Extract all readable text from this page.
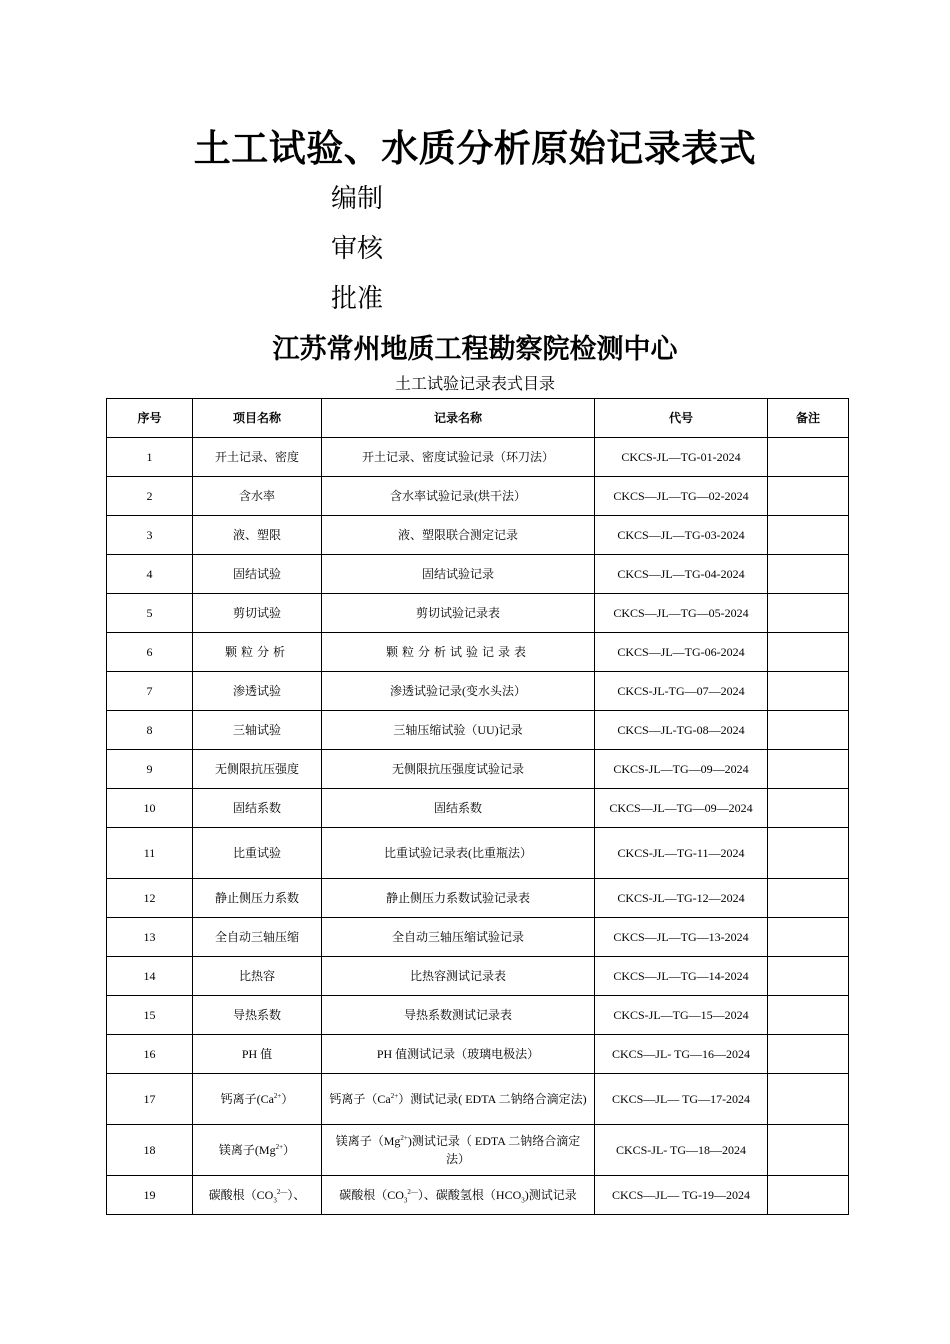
土工试验、水质分析原始记录表式
编制
审核
批准
江苏常州地质工程勘察院检测中心
土工试验记录表式目录
序号	项目名称	记录名称	代号	备注
1	开土记录、密度	开土记录、密度试验记录（环刀法）	CKCS-JL—TG-01-2024	
2	含水率	含水率试验记录(烘干法）	CKCS—JL—TG—02-2024	
3	液、塑限	液、塑限联合测定记录	CKCS—JL—TG-03-2024	
4	固结试验	固结试验记录	CKCS—JL—TG-04-2024	
5	剪切试验	剪切试验记录表	CKCS—JL—TG—05-2024	
6	颗粒分析	颗粒分析试验记录表	CKCS—JL—TG-06-2024	
7	渗透试验	渗透试验记录(变水头法）	CKCS-JL-TG—07—2024	
8	三轴试验	三轴压缩试验（UU)记录	CKCS—JL-TG-08—2024	
9	无侧限抗压强度	无侧限抗压强度试验记录	CKCS-JL—TG—09—2024	
10	固结系数	固结系数	CKCS—JL—TG—09—2024	
11	比重试验	比重试验记录表(比重瓶法）	CKCS-JL—TG-11—2024	
12	静止侧压力系数	静止侧压力系数试验记录表	CKCS-JL—TG-12—2024	
13	全自动三轴压缩	全自动三轴压缩试验记录	CKCS—JL—TG—13-2024	
14	比热容	比热容测试记录表	CKCS—JL—TG—14-2024	
15	导热系数	导热系数测试记录表	CKCS-JL—TG—15—2024	
16	PH 值	PH 值测试记录（玻璃电极法）	CKCS—JL- TG—16—2024	
17	钙离子$(Ca^{2+})$	钙离子$(Ca^{2+})$测试记录( EDTA 二钠络合滴定法)	CKCS—JL— TG—17-2024	
18	镁离子$(Mg^{2+})$	镁离子$(Mg^{2+})$测试记录（ EDTA 二钠络合滴定法）	CKCS-JL- TG—18—2024	
19	碳酸根$(CO_3^{2—})$、	碳酸根$(CO_3^{2—})$、碳酸氢根$(HCO_3)$测试记录	CKCS—JL— TG-19—2024	
